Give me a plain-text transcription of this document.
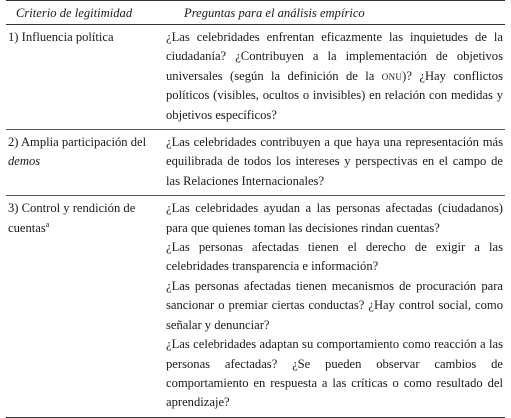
Criterio de legitimidad	Preguntas para el análisis empírico
1) Influencia política	¿Las celebridades enfrentan eficazmente las inquietudes de la ciudadanía? ¿Contribuyen a la implementación de objetivos universales (según la definición de la onu)? ¿Hay conflictos políticos (visibles, ocultos o invisibles) en relación con medidas y objetivos específicos?

2) Amplia participación del demos	¿Las celebridades contribuyen a que haya una representación más equilibrada de todos los intereses y perspectivas en el campo de las Relaciones Internacionales?

3) Control y rendición de cuentas$^a$	¿Las celebridades ayudan a las personas afectadas (ciudadanos) para que quienes toman las decisiones rindan cuentas?

¿Las personas afectadas tienen el derecho de exigir a las celebridades transparencia e información?

¿Las personas afectadas tienen mecanismos de procuración para sancionar o premiar ciertas conductas? ¿Hay control social, como señalar y denunciar?

¿Las celebridades adaptan su comportamiento como reacción a las personas afectadas? ¿Se pueden observar cambios de comportamiento en respuesta a las críticas o como resultado del aprendizaje?
